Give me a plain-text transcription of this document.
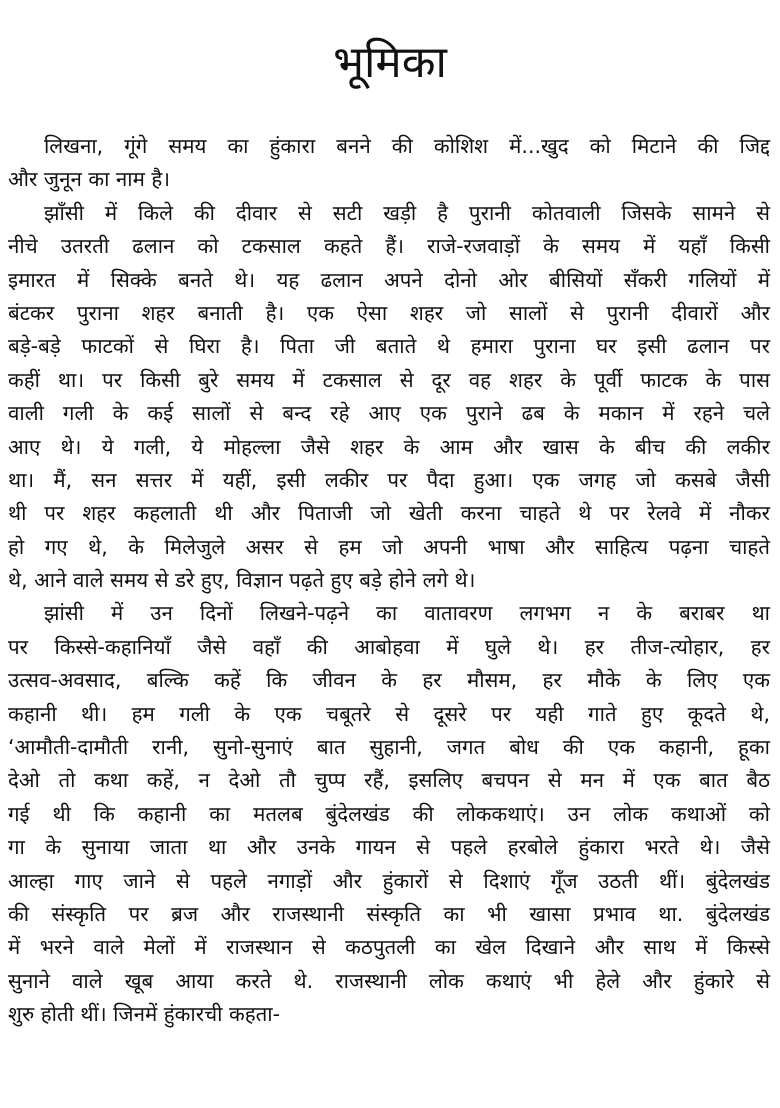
भूमिका
लिखना, गूंगे समय का हुंकारा बनने की कोशिश में...खुद को मिटाने की जिद्द
और जुनून का नाम है।
झाँसी में किले की दीवार से सटी खड़ी है पुरानी कोतवाली जिसके सामने से
नीचे उतरती ढलान को टकसाल कहते हैं। राजे-रजवाड़ों के समय में यहाँ किसी
इमारत में सिक्के बनते थे। यह ढलान अपने दोनो ओर बीसियों सँकरी गलियों में
बंटकर पुराना शहर बनाती है। एक ऐसा शहर जो सालों से पुरानी दीवारों और
बड़े-बड़े फाटकों से घिरा है। पिता जी बताते थे हमारा पुराना घर इसी ढलान पर
कहीं था। पर किसी बुरे समय में टकसाल से दूर वह शहर के पूर्वी फाटक के पास
वाली गली के कई सालों से बन्द रहे आए एक पुराने ढब के मकान में रहने चले
आए थे। ये गली, ये मोहल्ला जैसे शहर के आम और खास के बीच की लकीर
था। मैं, सन सत्तर में यहीं, इसी लकीर पर पैदा हुआ। एक जगह जो कसबे जैसी
थी पर शहर कहलाती थी और पिताजी जो खेती करना चाहते थे पर रेलवे में नौकर
हो गए थे, के मिलेजुले असर से हम जो अपनी भाषा और साहित्य पढ़ना चाहते
थे, आने वाले समय से डरे हुए, विज्ञान पढ़ते हुए बड़े होने लगे थे।
झांसी में उन दिनों लिखने-पढ़ने का वातावरण लगभग न के बराबर था
पर किस्से-कहानियाँ जैसे वहाँ की आबोहवा में घुले थे। हर तीज-त्योहार, हर
उत्सव-अवसाद, बल्कि कहें कि जीवन के हर मौसम, हर मौके के लिए एक
कहानी थी। हम गली के एक चबूतरे से दूसरे पर यही गाते हुए कूदते थे,
‘आमौती-दामौती रानी, सुनो-सुनाएं बात सुहानी, जगत बोध की एक कहानी, हूका
देओ तो कथा कहें, न देओ तौ चुप्प रहैं, इसलिए बचपन से मन में एक बात बैठ
गई थी कि कहानी का मतलब बुंदेलखंड की लोककथाएं। उन लोक कथाओं को
गा के सुनाया जाता था और उनके गायन से पहले हरबोले हुंकारा भरते थे। जैसे
आल्हा गाए जाने से पहले नगाड़ों और हुंकारों से दिशाएं गूँज उठती थीं। बुंदेलखंड
की संस्कृति पर ब्रज और राजस्थानी संस्कृति का भी खासा प्रभाव था. बुंदेलखंड
में भरने वाले मेलों में राजस्थान से कठपुतली का खेल दिखाने और साथ में किस्से
सुनाने वाले खूब आया करते थे. राजस्थानी लोक कथाएं भी हेले और हुंकारे से
शुरु होती थीं। जिनमें हुंकारची कहता-
